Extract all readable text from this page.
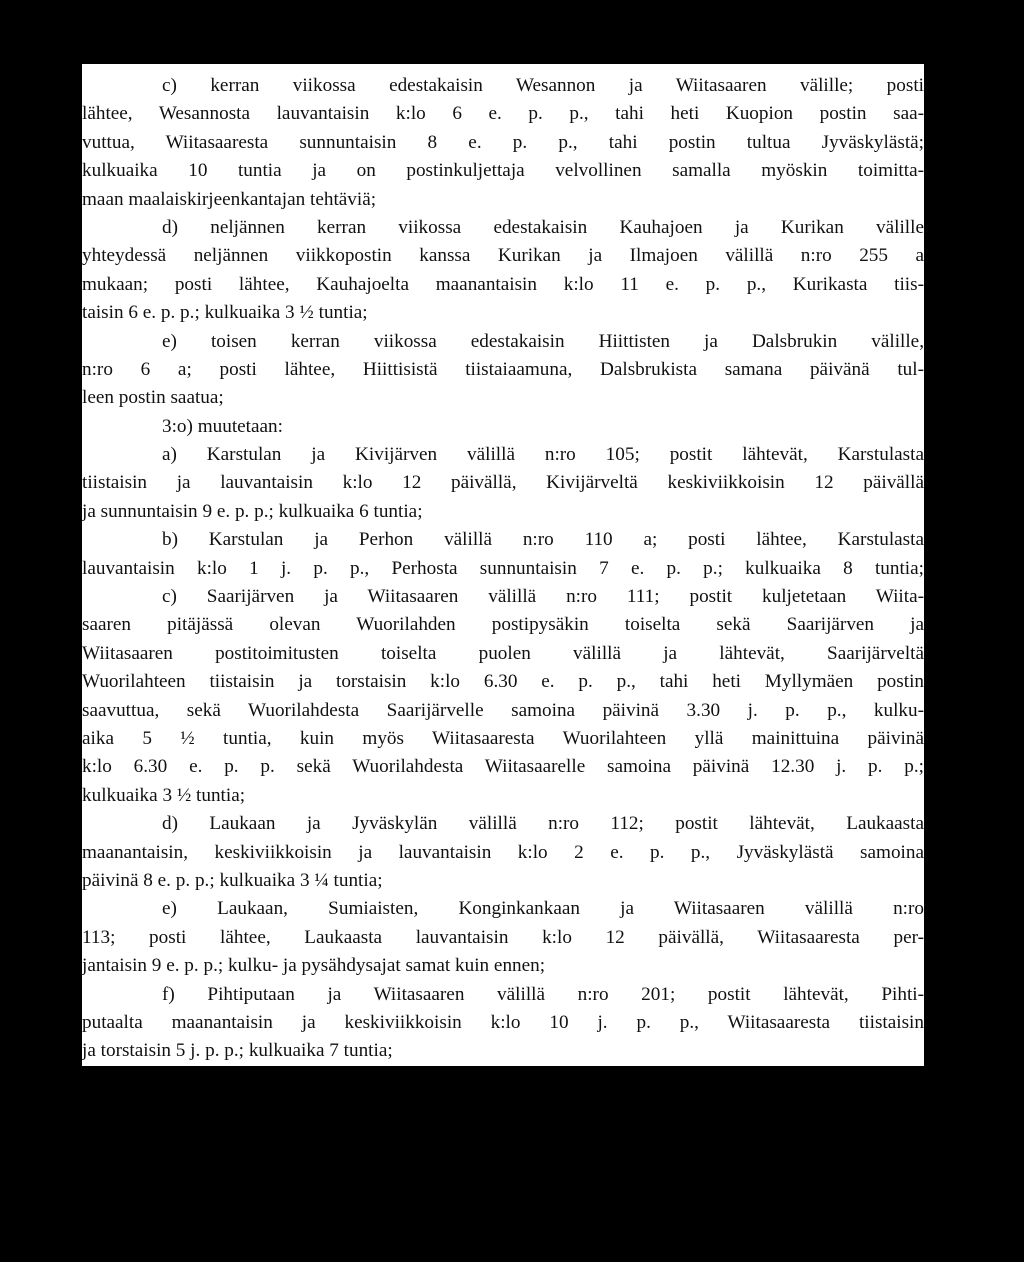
c) kerran viikossa edestakaisin Wesannon ja Wiitasaaren välille; posti
lähtee, Wesannosta lauvantaisin k:lo 6 e. p. p., tahi heti Kuopion postin saa-
vuttua, Wiitasaaresta sunnuntaisin 8 e. p. p., tahi postin tultua Jyväskylästä;
kulkuaika 10 tuntia ja on postinkuljettaja velvollinen samalla myöskin toimitta-
maan maalaiskirjeenkantajan tehtäviä;
d) neljännen kerran viikossa edestakaisin Kauhajoen ja Kurikan välille
yhteydessä neljännen viikkopostin kanssa Kurikan ja Ilmajoen välillä n:ro 255 a
mukaan; posti lähtee, Kauhajoelta maanantaisin k:lo 11 e. p. p., Kurikasta tiis-
taisin 6 e. p. p.; kulkuaika 3 ½ tuntia;
e) toisen kerran viikossa edestakaisin Hiittisten ja Dalsbrukin välille,
n:ro 6 a; posti lähtee, Hiittisistä tiistaiaamuna, Dalsbrukista samana päivänä tul-
leen postin saatua;
3:o) muutetaan:
a) Karstulan ja Kivijärven välillä n:ro 105; postit lähtevät, Karstulasta
tiistaisin ja lauvantaisin k:lo 12 päivällä, Kivijärveltä keskiviikkoisin 12 päivällä
ja sunnuntaisin 9 e. p. p.; kulkuaika 6 tuntia;
b) Karstulan ja Perhon välillä n:ro 110 a; posti lähtee, Karstulasta
lauvantaisin k:lo 1 j. p. p., Perhosta sunnuntaisin 7 e. p. p.; kulkuaika 8 tuntia;
c) Saarijärven ja Wiitasaaren välillä n:ro 111; postit kuljetetaan Wiita-
saaren pitäjässä olevan Wuorilahden postipysäkin toiselta sekä Saarijärven ja
Wiitasaaren postitoimitusten toiselta puolen välillä ja lähtevät, Saarijärveltä
Wuorilahteen tiistaisin ja torstaisin k:lo 6.30 e. p. p., tahi heti Myllymäen postin
saavuttua, sekä Wuorilahdesta Saarijärvelle samoina päivinä 3.30 j. p. p., kulku-
aika 5 ½ tuntia, kuin myös Wiitasaaresta Wuorilahteen yllä mainittuina päivinä
k:lo 6.30 e. p. p. sekä Wuorilahdesta Wiitasaarelle samoina päivinä 12.30 j. p. p.;
kulkuaika 3 ½ tuntia;
d) Laukaan ja Jyväskylän välillä n:ro 112; postit lähtevät, Laukaasta
maanantaisin, keskiviikkoisin ja lauvantaisin k:lo 2 e. p. p., Jyväskylästä samoina
päivinä 8 e. p. p.; kulkuaika 3 ¼ tuntia;
e) Laukaan, Sumiaisten, Konginkankaan ja Wiitasaaren välillä n:ro
113; posti lähtee, Laukaasta lauvantaisin k:lo 12 päivällä, Wiitasaaresta per-
jantaisin 9 e. p. p.; kulku- ja pysähdysajat samat kuin ennen;
f) Pihtiputaan ja Wiitasaaren välillä n:ro 201; postit lähtevät, Pihti-
putaalta maanantaisin ja keskiviikkoisin k:lo 10 j. p. p., Wiitasaaresta tiistaisin
ja torstaisin 5 j. p. p.; kulkuaika 7 tuntia;
